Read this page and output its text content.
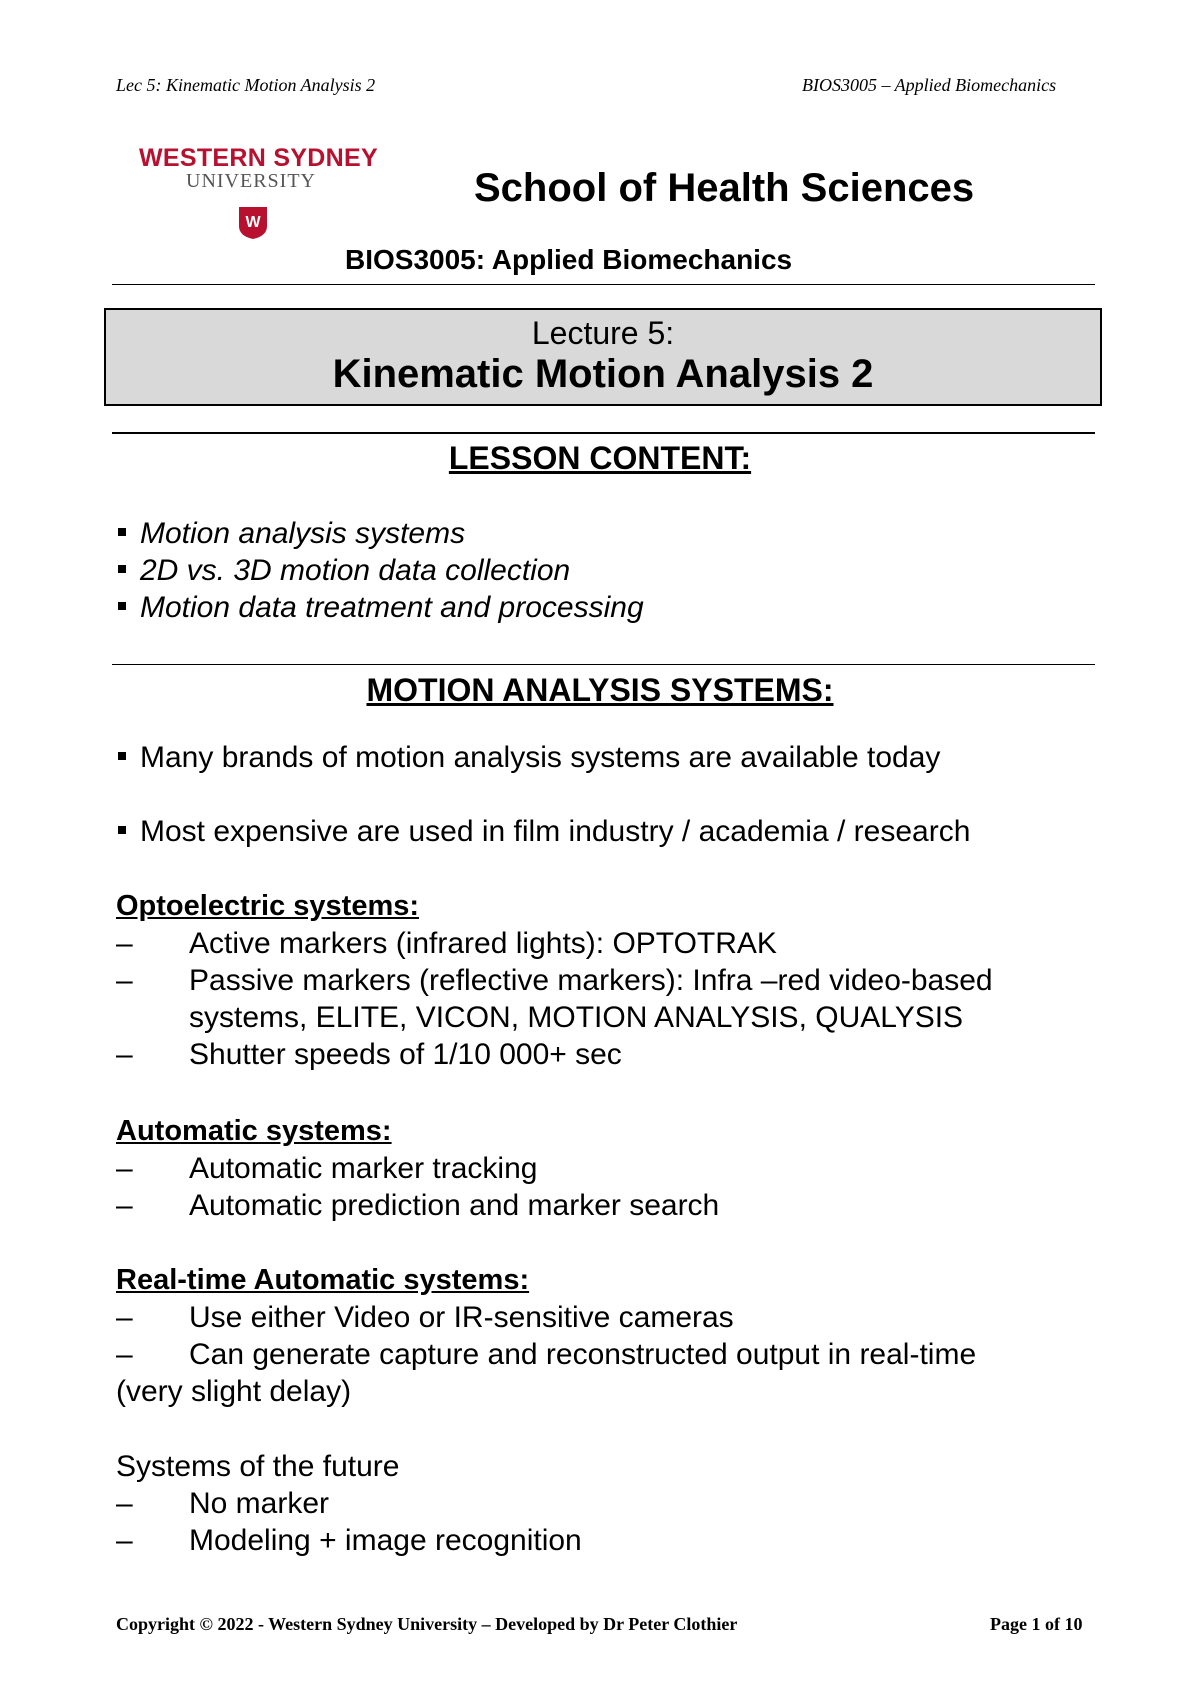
Lec 5: Kinematic Motion Analysis 2	BIOS3005 – Applied Biomechanics
WESTERN SYDNEY
UNIVERSITY
W
School of Health Sciences
BIOS3005: Applied Biomechanics
Lecture 5:
Kinematic Motion Analysis 2
LESSON CONTENT:
Motion analysis systems
2D vs. 3D motion data collection
Motion data treatment and processing
MOTION ANALYSIS SYSTEMS:
Many brands of motion analysis systems are available today
Most expensive are used in film industry / academia / research
Optoelectric systems:
– Active markers (infrared lights): OPTOTRAK
– Passive markers (reflective markers): Infra –red video-based
systems, ELITE, VICON, MOTION ANALYSIS, QUALYSIS
– Shutter speeds of 1/10 000+ sec
Automatic systems:
– Automatic marker tracking
– Automatic prediction and marker search
Real-time Automatic systems:
– Use either Video or IR-sensitive cameras
– Can generate capture and reconstructed output in real-time
(very slight delay)
Systems of the future
– No marker
– Modeling + image recognition
Copyright © 2022 - Western Sydney University – Developed by Dr Peter Clothier	Page 1 of 10
